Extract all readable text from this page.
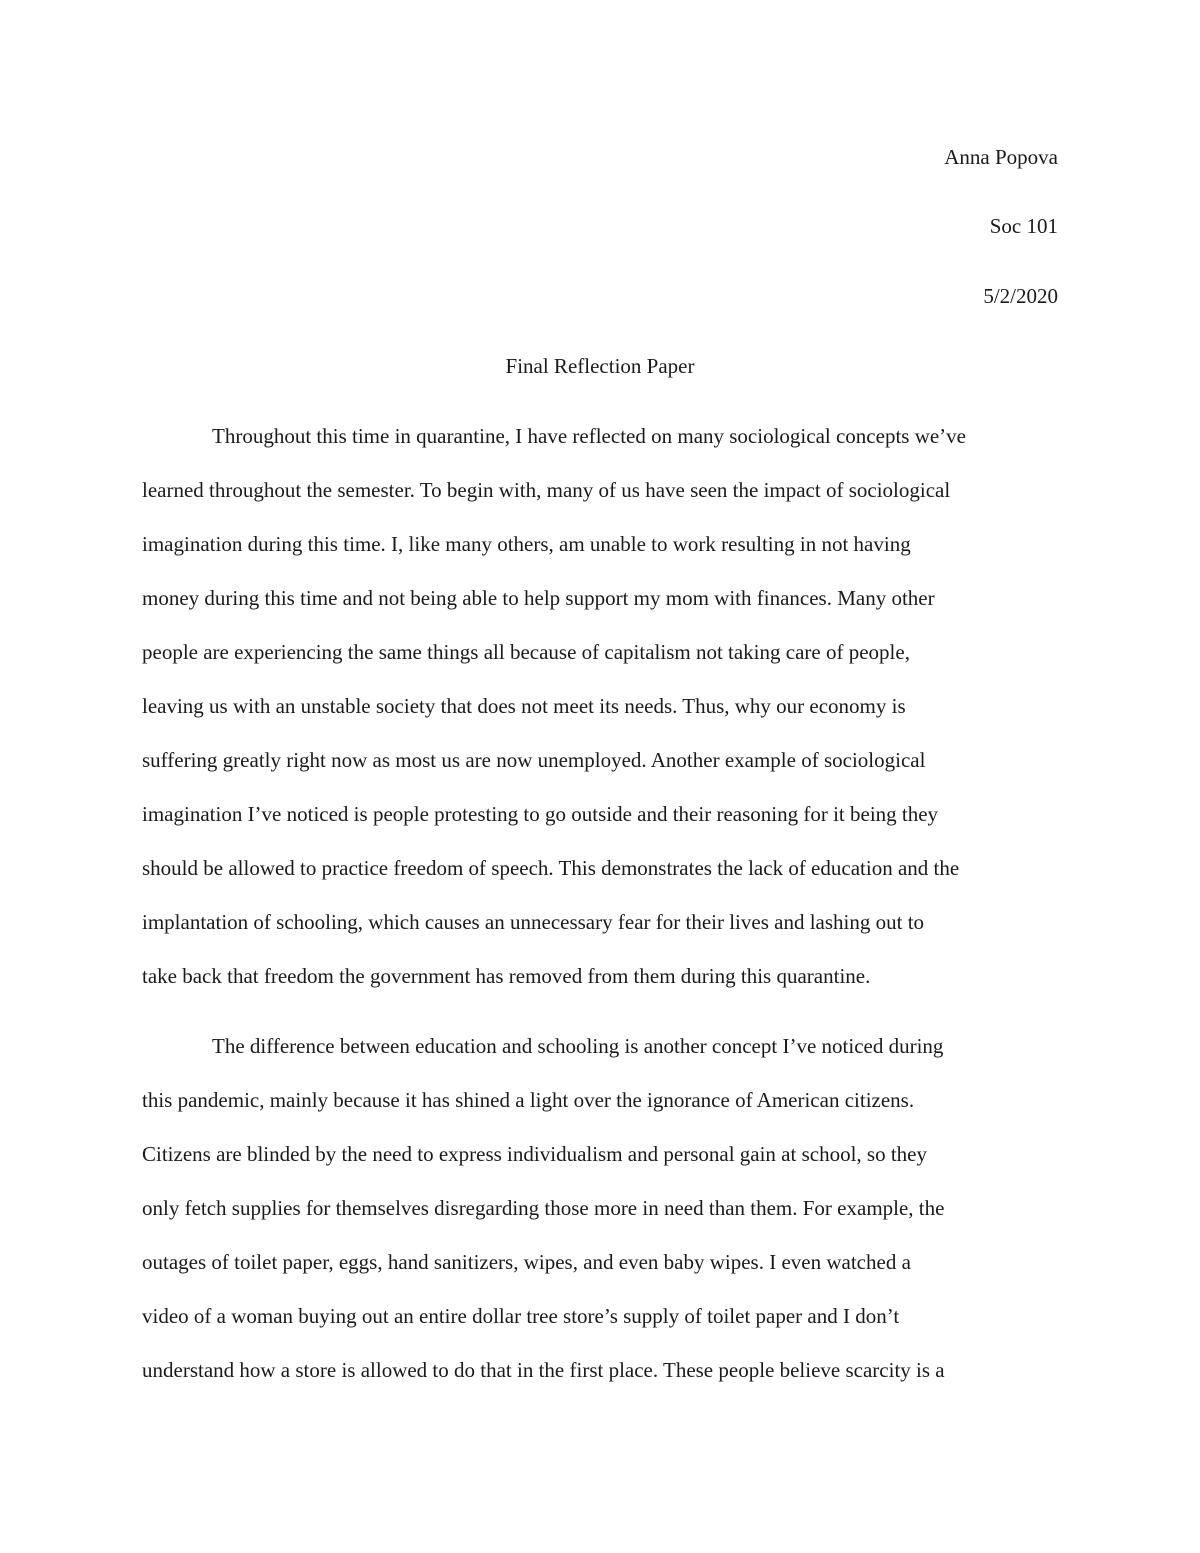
Anna Popova
Soc 101
5/2/2020
Final Reflection Paper
Throughout this time in quarantine, I have reflected on many sociological concepts we’ve
learned throughout the semester. To begin with, many of us have seen the impact of sociological
imagination during this time. I, like many others, am unable to work resulting in not having
money during this time and not being able to help support my mom with finances. Many other
people are experiencing the same things all because of capitalism not taking care of people,
leaving us with an unstable society that does not meet its needs. Thus, why our economy is
suffering greatly right now as most us are now unemployed. Another example of sociological
imagination I’ve noticed is people protesting to go outside and their reasoning for it being they
should be allowed to practice freedom of speech. This demonstrates the lack of education and the
implantation of schooling, which causes an unnecessary fear for their lives and lashing out to
take back that freedom the government has removed from them during this quarantine.
The difference between education and schooling is another concept I’ve noticed during
this pandemic, mainly because it has shined a light over the ignorance of American citizens.
Citizens are blinded by the need to express individualism and personal gain at school, so they
only fetch supplies for themselves disregarding those more in need than them. For example, the
outages of toilet paper, eggs, hand sanitizers, wipes, and even baby wipes. I even watched a
video of a woman buying out an entire dollar tree store’s supply of toilet paper and I don’t
understand how a store is allowed to do that in the first place. These people believe scarcity is a
